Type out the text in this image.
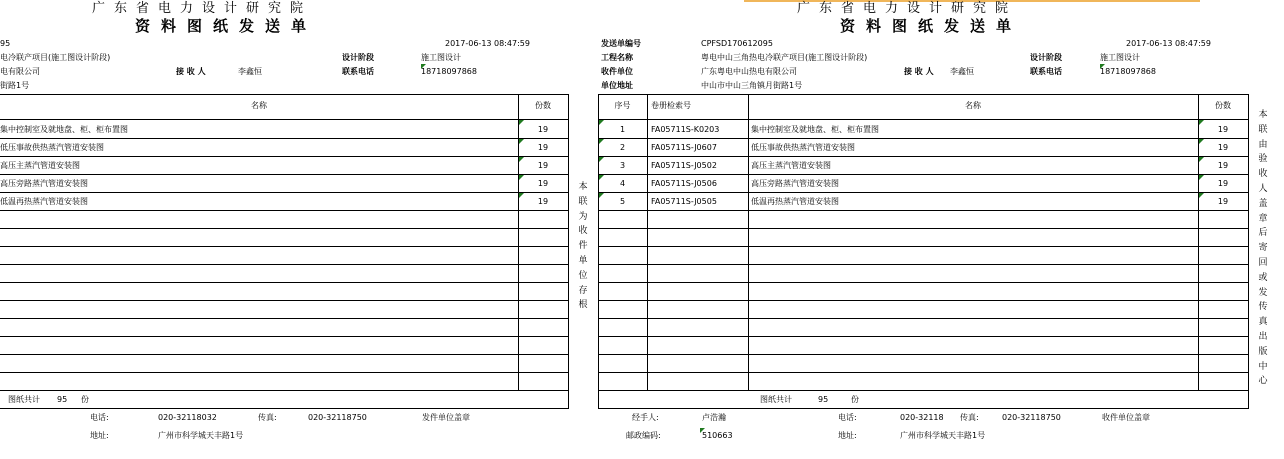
广东省电力设计研究院
资料图纸发送单
95	2017-06-13 08:47:59
电冷联产项目(施工图设计阶段)	设计阶段	施工图设计
电有限公司	接 收 人	李鑫恒	联系电话	18718097868
街路1号
名称	份数
集中控制室及就地盘、柜、柜布置图	19
低压事故供热蒸汽管道安装图	19
高压主蒸汽管道安装图	19
高压旁路蒸汽管道安装图	19
低温再热蒸汽管道安装图	19
图纸共计 95 份
电话:	020-32118032	传真:	020-32118750	发件单位盖章
地址:	广州市科学城天丰路1号
本联为收件单位存根
广东省电力设计研究院
资料图纸发送单
发送单编号	CPFSD170612095	2017-06-13 08:47:59
工程名称	粤电中山三角热电冷联产项目(施工图设计阶段)	设计阶段	施工图设计
收件单位	广东粤电中山热电有限公司	接 收 人 李鑫恒	联系电话	18718097868
单位地址	中山市中山三角镇月街路1号
序号	卷册检索号	名称	份数
1	FA05711S-K0203	集中控制室及就地盘、柜、柜布置图	19
2	FA05711S-J0607	低压事故供热蒸汽管道安装图	19
3	FA05711S-J0502	高压主蒸汽管道安装图	19
4	FA05711S-J0506	高压旁路蒸汽管道安装图	19
5	FA05711S-J0505	低温再热蒸汽管道安装图	19
图纸共计	95	份
经手人:	卢浩瀚	电话:	020-32118 传真:	020-32118750	收件单位盖章
邮政编码:	510663	地址:	广州市科学城天丰路1号
本联由验收人盖章后寄回或发传真出版中心
